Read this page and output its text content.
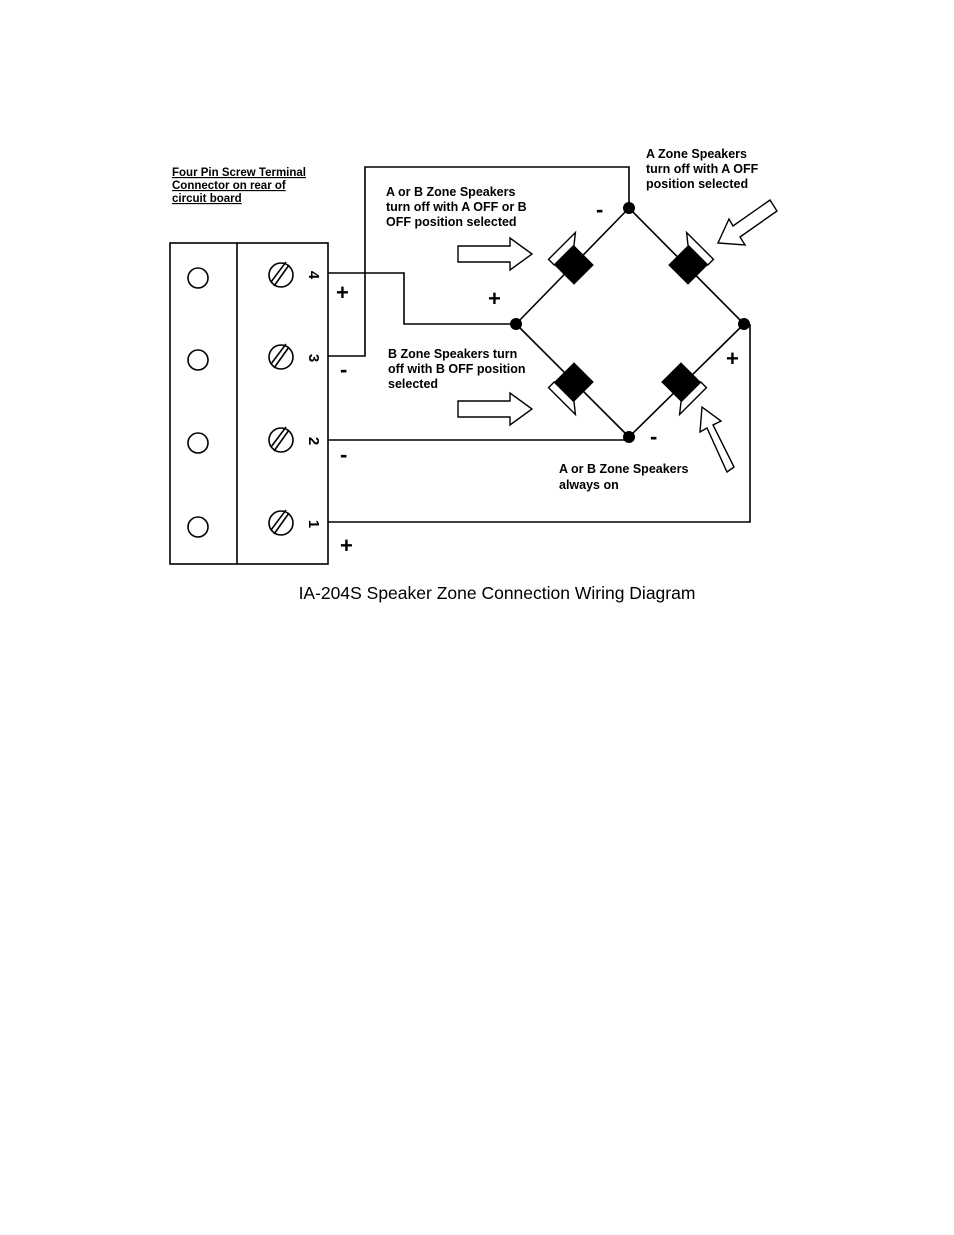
Four Pin Screw Terminal
Connector on rear of
circuit board
4
3
2
1
+
-
-
+
-
+
+
-
A or B Zone Speakers
turn off with A OFF or B
OFF position selected
A Zone Speakers
turn off with A OFF
position selected
B Zone Speakers turn
off with B OFF position
selected
A or B Zone Speakers
always on
IA-204S Speaker Zone Connection Wiring Diagram
